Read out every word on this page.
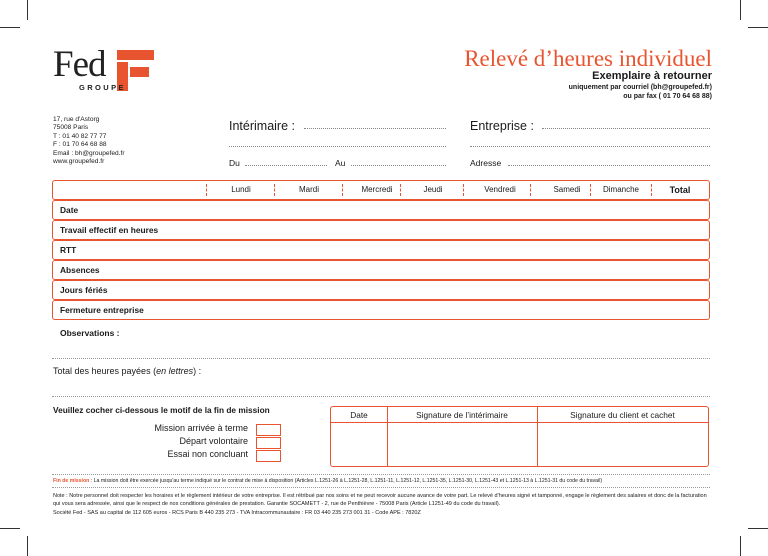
Fed
GROUPE
Relevé d’heures individuel
Exemplaire à retourner
uniquement par courriel (bh@groupefed.fr)
ou par fax ( 01 70 64 68 88)
17, rue d'Astorg
75008 Paris
T : 01 40 82 77 77
F : 01 70 64 68 88
Email : bh@groupefed.fr
www.groupefed.fr
Intérimaire :
Du	Au
Entreprise :
Adresse
Lundi	Mardi	Mercredi	Jeudi	Vendredi	Samedi	Dimanche	Total
Date
Travail effectif en heures
RTT
Absences
Jours fériés
Fermeture entreprise
Observations :
Total des heures payées (en lettres) :
Veuillez cocher ci-dessous le motif de la fin de mission
Mission arrivée à terme
Départ volontaire
Essai non concluant
Date	Signature de l’intérimaire	Signature du client et cachet
Fin de mission : La mission doit être exercée jusqu'au terme indiqué sur le contrat de mise à disposition (Articles L.1251-26 à L.1251-28, L.1251-11, L.1251-12, L.1251-35, L.1251-30, L.1251-43 et L.1251-13 à L.1251-31 du code du travail)
Note : Notre personnel doit respecter les horaires et le règlement intérieur de votre entreprise. Il est rétribué par nos soins et ne peut recevoir aucune avance de votre part. Le relevé d’heures signé et tamponné, engage le règlement des salaires et donc de la facturation qui vous sera adressée, ainsi que le respect de nos conditions générales de prestation. Garantie SOCAMETT - 2, rue de Penthièvre - 75008 Paris (Article L1251-49 du code du travail).
Société Fed - SAS au capital de 112 605 euros - RCS Paris B 440 235 273 - TVA Intracommunautaire : FR 03 440 235 273 001 31 - Code APE : 7820Z
